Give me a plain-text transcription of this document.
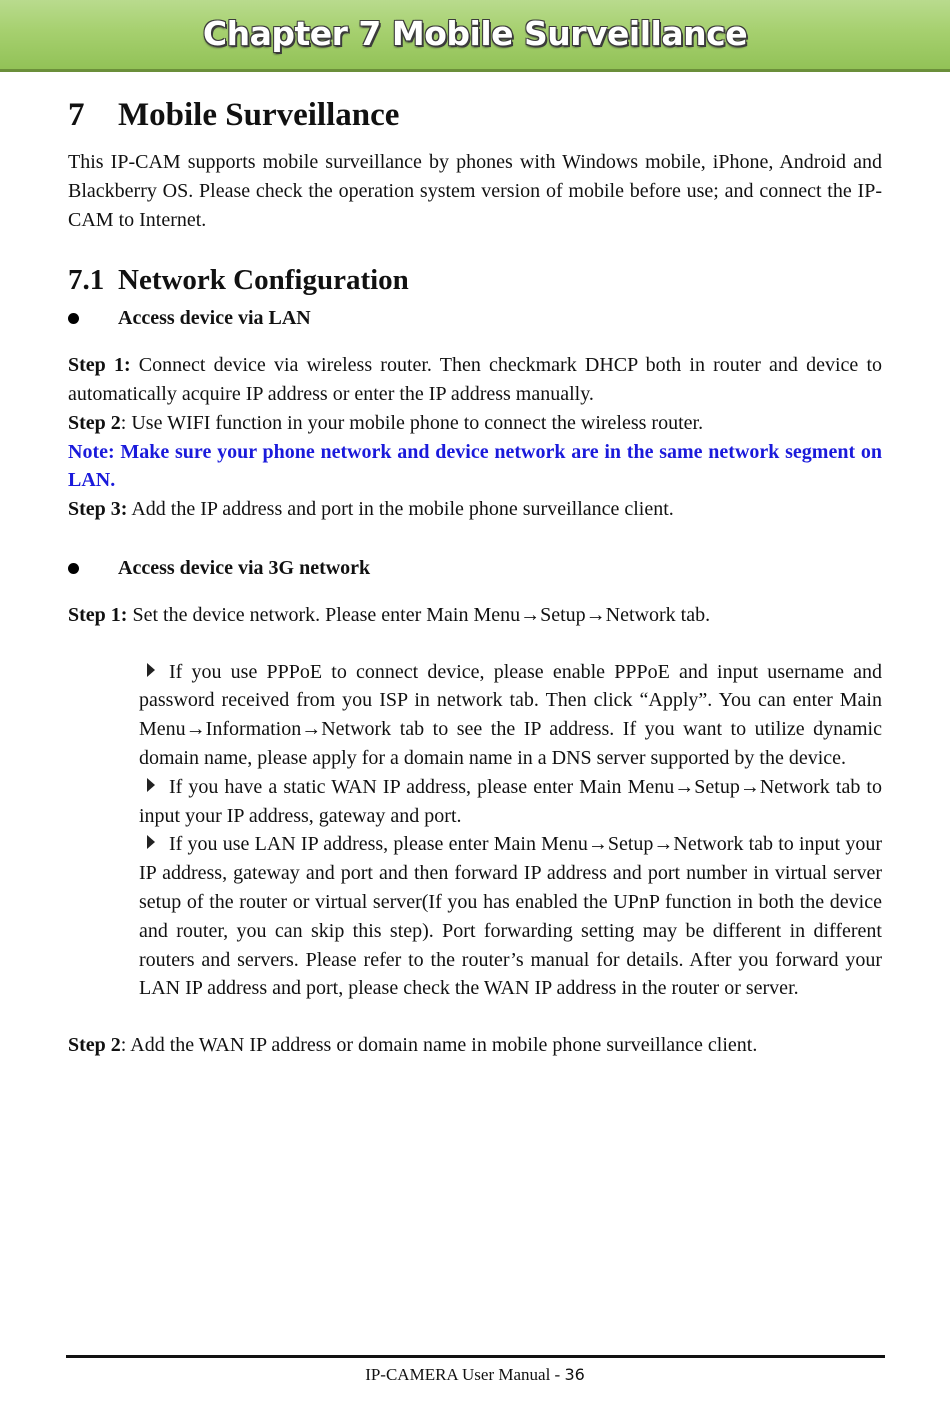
Chapter 7 Mobile Surveillance
7 Mobile Surveillance

This IP-CAM supports mobile surveillance by phones with Windows mobile, iPhone, Android and Blackberry OS. Please check the operation system version of mobile before use; and connect the IP-CAM to Internet.

7.1 Network Configuration
Access device via LAN

Step 1: Connect device via wireless router. Then checkmark DHCP both in router and device to automatically acquire IP address or enter the IP address manually.

Step 2: Use WIFI function in your mobile phone to connect the wireless router.

Note: Make sure your phone network and device network are in the same network segment on LAN.

Step 3: Add the IP address and port in the mobile phone surveillance client.

Access device via 3G network

Step 1: Set the device network. Please enter Main Menu→Setup→Network tab.

If you use PPPoE to connect device, please enable PPPoE and input username and password received from you ISP in network tab. Then click “Apply”. You can enter Main Menu→Information→Network tab to see the IP address. If you want to utilize dynamic domain name, please apply for a domain name in a DNS server supported by the device.

If you have a static WAN IP address, please enter Main Menu→Setup→Network tab to input your IP address, gateway and port.

If you use LAN IP address, please enter Main Menu→Setup→Network tab to input your IP address, gateway and port and then forward IP address and port number in virtual server setup of the router or virtual server(If you has enabled the UPnP function in both the device and router, you can skip this step). Port forwarding setting may be different in different routers and servers. Please refer to the router’s manual for details. After you forward your LAN IP address and port, please check the WAN IP address in the router or server.

Step 2: Add the WAN IP address or domain name in mobile phone surveillance client.

IP-CAMERA User Manual - 36
